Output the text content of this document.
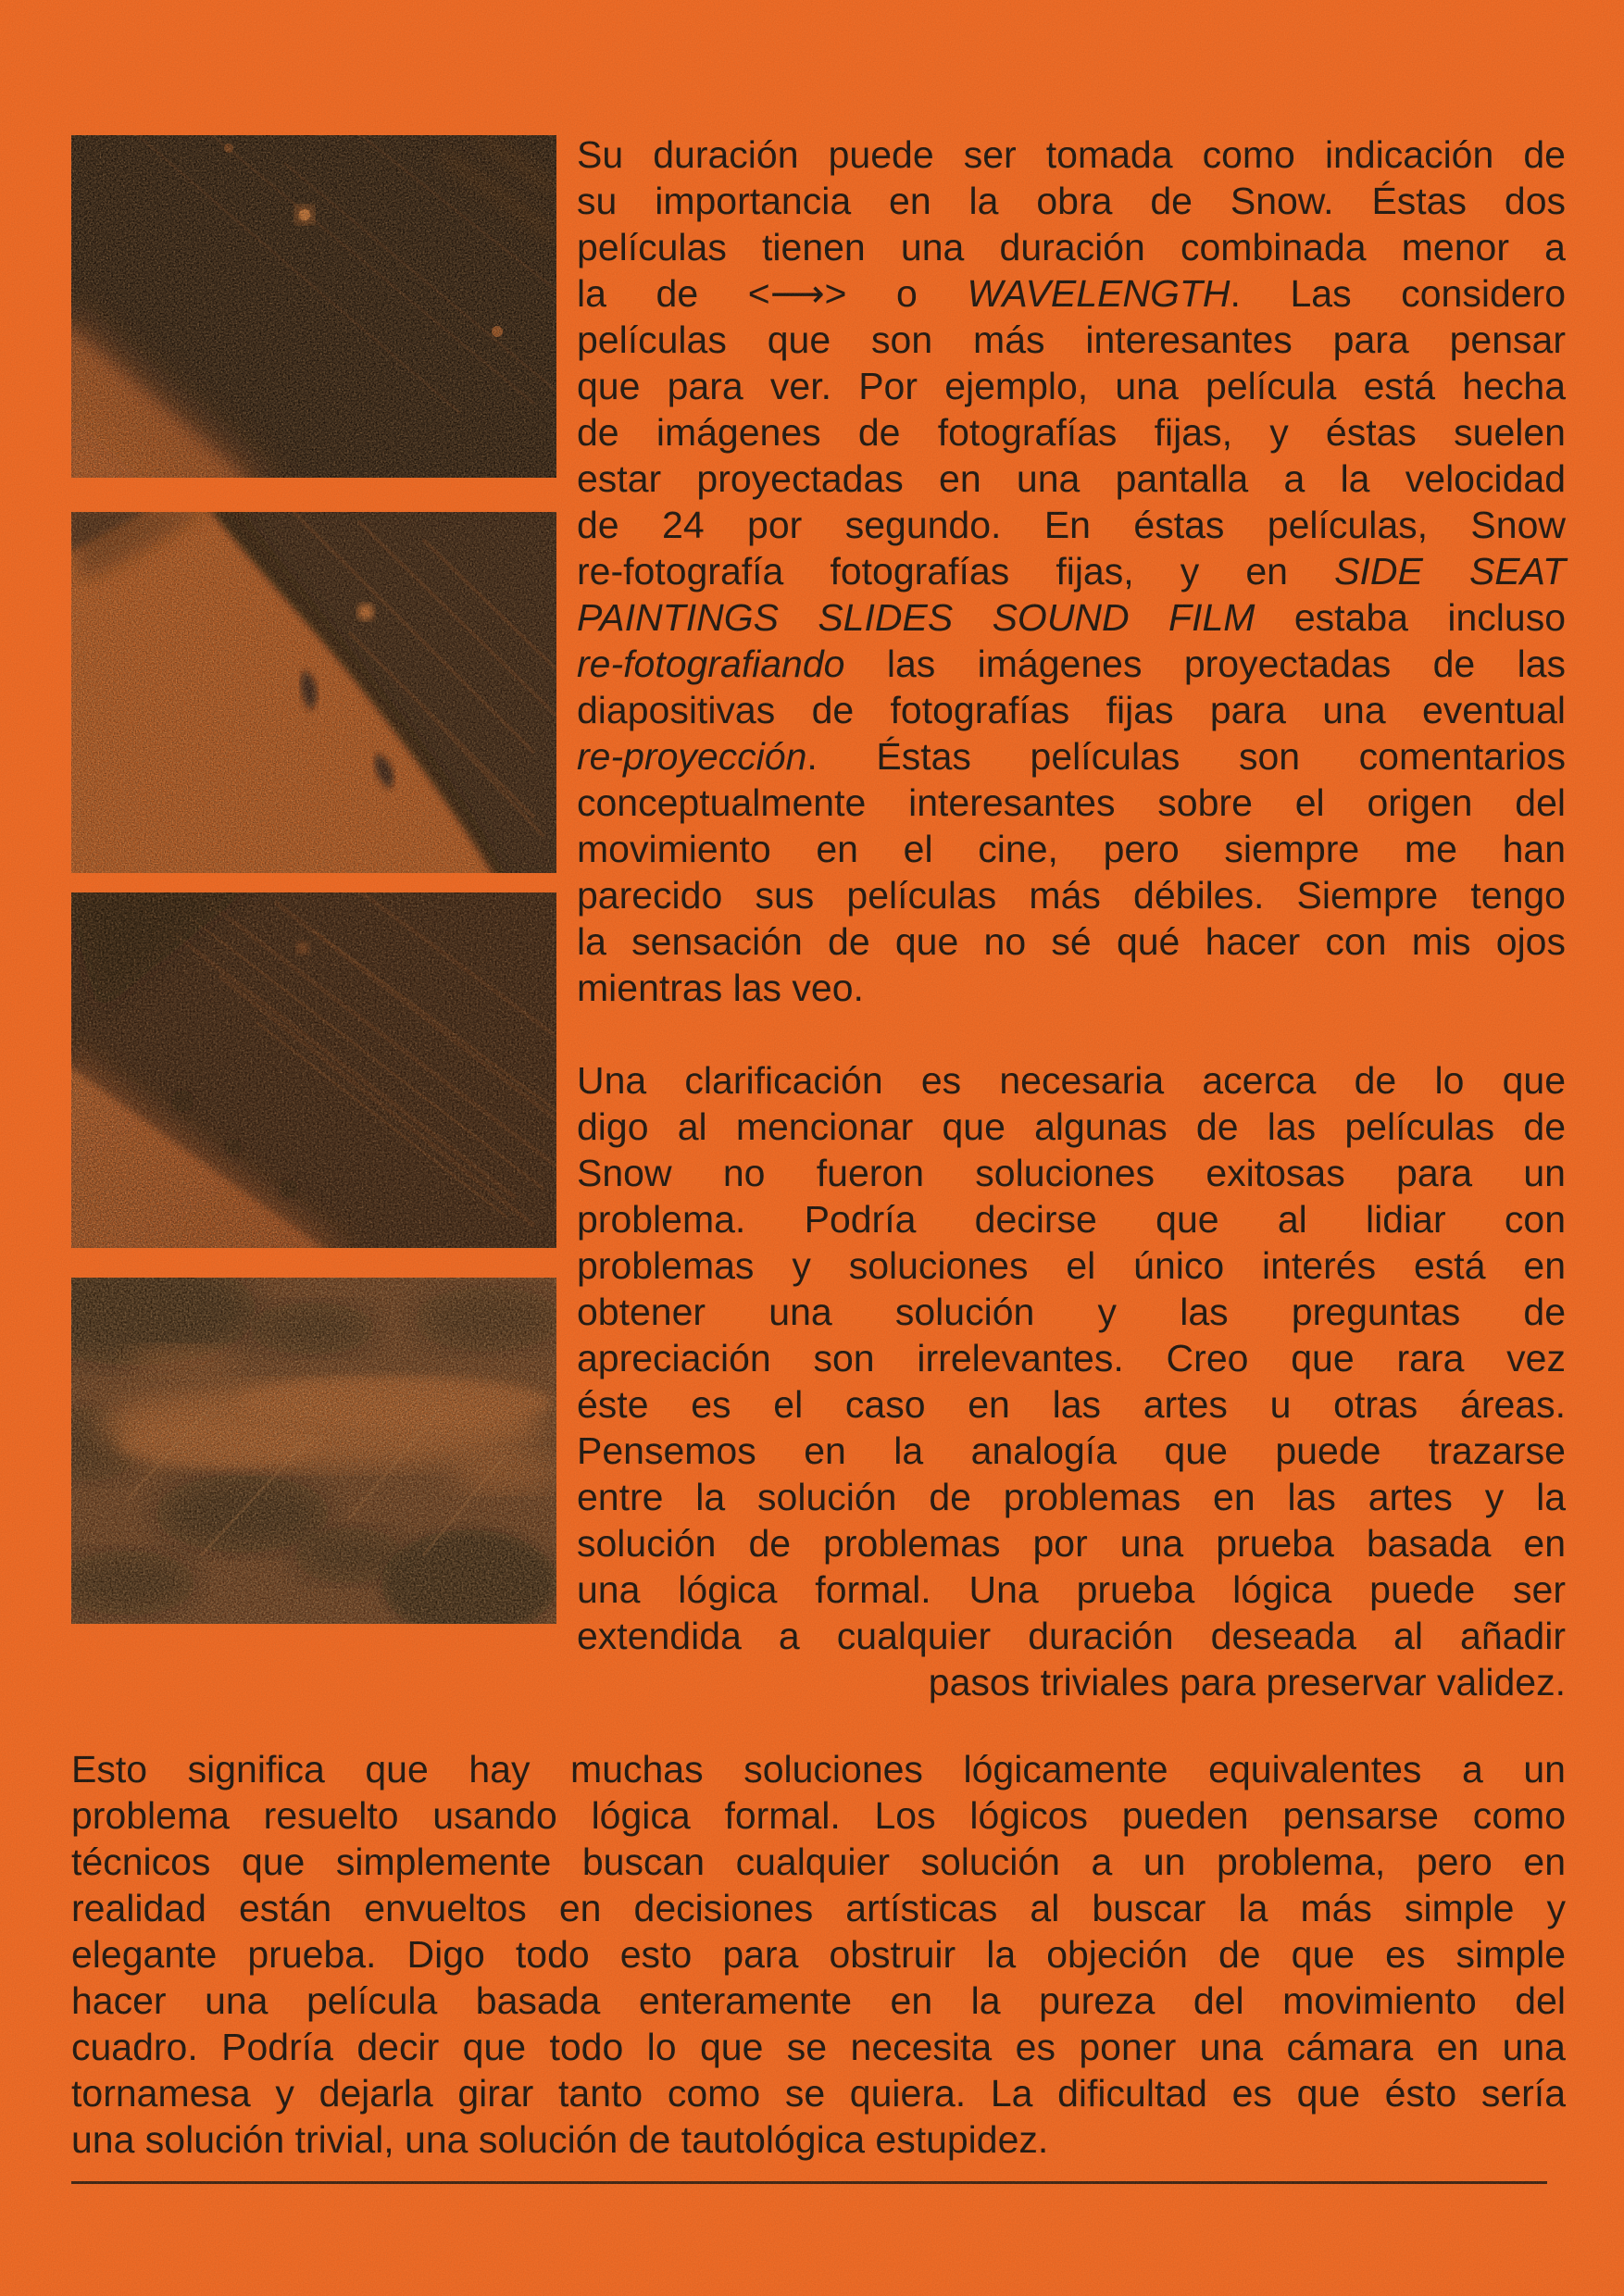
Su duración puede ser tomada como indicación de
su importancia en la obra de Snow. Éstas dos
películas tienen una duración combinada menor a
la de <⟶> o WAVELENGTH. Las considero
películas que son más interesantes para pensar
que para ver. Por ejemplo, una película está hecha
de imágenes de fotografías fijas, y éstas suelen
estar proyectadas en una pantalla a la velocidad
de 24 por segundo. En éstas películas, Snow
re-fotografía fotografías fijas, y en SIDE SEAT
PAINTINGS SLIDES SOUND FILM estaba incluso
re-fotografiando las imágenes proyectadas de las
diapositivas de fotografías fijas para una eventual
re-proyección. Éstas películas son comentarios
conceptualmente interesantes sobre el origen del
movimiento en el cine, pero siempre me han
parecido sus películas más débiles. Siempre tengo
la sensación de que no sé qué hacer con mis ojos
mientras las veo.
Una clarificación es necesaria acerca de lo que
digo al mencionar que algunas de las películas de
Snow no fueron soluciones exitosas para un
problema. Podría decirse que al lidiar con
problemas y soluciones el único interés está en
obtener una solución y las preguntas de
apreciación son irrelevantes. Creo que rara vez
éste es el caso en las artes u otras áreas.
Pensemos en la analogía que puede trazarse
entre la solución de problemas en las artes y la
solución de problemas por una prueba basada en
una lógica formal. Una prueba lógica puede ser
extendida a cualquier duración deseada al añadir
pasos triviales para preservar validez.
Esto significa que hay muchas soluciones lógicamente equivalentes a un
problema resuelto usando lógica formal. Los lógicos pueden pensarse como
técnicos que simplemente buscan cualquier solución a un problema, pero en
realidad están envueltos en decisiones artísticas al buscar la más simple y
elegante prueba. Digo todo esto para obstruir la objeción de que es simple
hacer una película basada enteramente en la pureza del movimiento del
cuadro. Podría decir que todo lo que se necesita es poner una cámara en una
tornamesa y dejarla girar tanto como se quiera. La dificultad es que ésto sería
una solución trivial, una solución de tautológica estupidez.
